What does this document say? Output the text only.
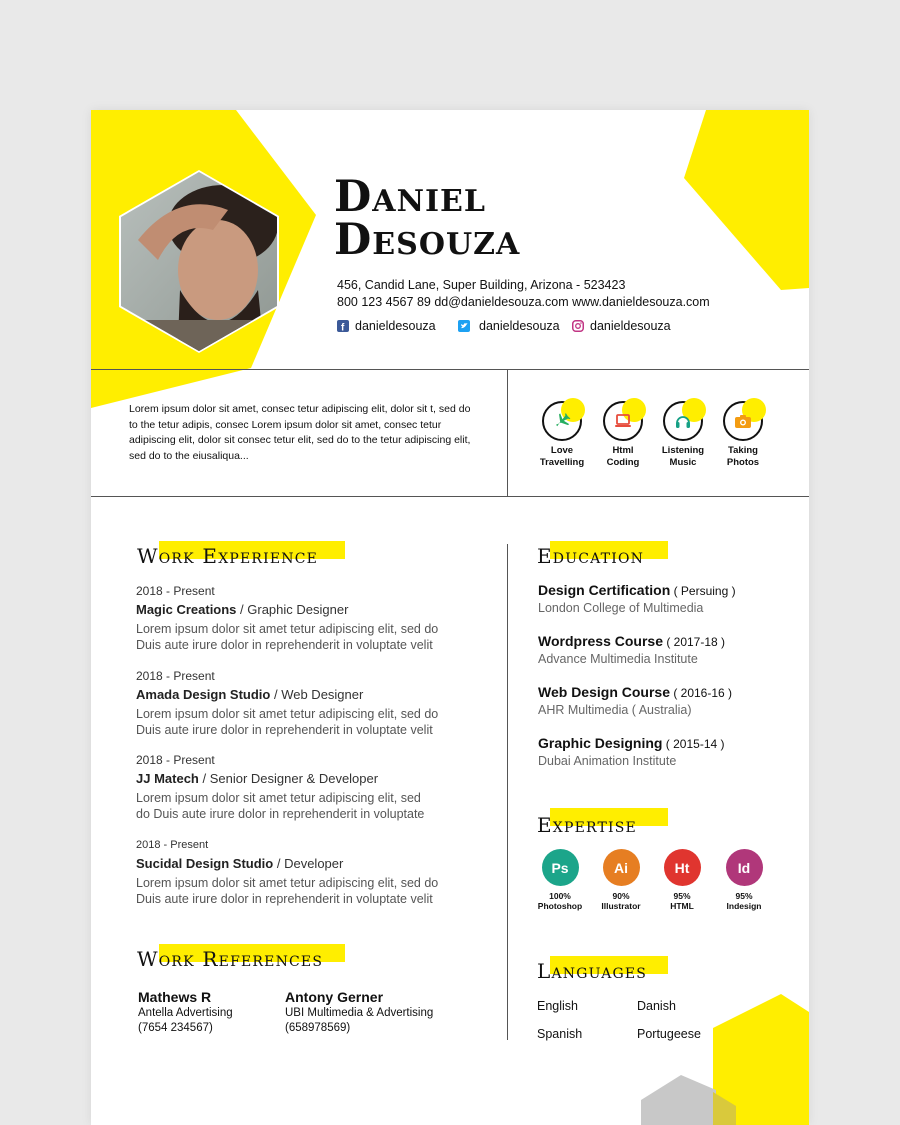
Daniel
Desouza
456, Candid Lane, Super Building, Arizona - 523423
800 123 4567 89 dd@danieldesouza.com www.danieldesouza.com
f danieldesouza	danieldesouza danieldesouza
Lorem ipsum dolor sit amet, consec tetur adipiscing elit, dolor sit t, sed do to the tetur adipis, consec Lorem ipsum dolor sit amet, consec tetur adipiscing elit, dolor sit consec tetur elit, sed do to the tetur adipiscing elit, sed do to the eiusaliqua...	Love
Travelling
Html
Coding
Listening
Music
Taking
Photos
Work Experience
2018 - Present
Magic Creations / Graphic Designer
Lorem ipsum dolor sit amet tetur adipiscing elit, sed do
Duis aute irure dolor in reprehenderit in voluptate velit
2018 - Present
Amada Design Studio / Web Designer
Lorem ipsum dolor sit amet tetur adipiscing elit, sed do
Duis aute irure dolor in reprehenderit in voluptate velit
2018 - Present
JJ Matech / Senior Designer & Developer
Lorem ipsum dolor sit amet tetur adipiscing elit, sed
do Duis aute irure dolor in reprehenderit in voluptate
2018 - Present
Sucidal Design Studio / Developer
Lorem ipsum dolor sit amet tetur adipiscing elit, sed do
Duis aute irure dolor in reprehenderit in voluptate velit
Work References
Mathews R
Antella Advertising
(7654 234567)
Antony Gerner
UBI Multimedia & Advertising
(658978569)
Education
Design Certification ( Persuing )
London College of Multimedia
Wordpress Course ( 2017-18 )
Advance Multimedia Institute
Web Design Course ( 2016-16 )
AHR Multimedia ( Australia)
Graphic Designing ( 2015-14 )
Dubai Animation Institute
Expertise
Ps
100%
Photoshop
Ai
90%
Illustrator
Ht
95%
HTML
Id
95%
Indesign
Languages
English	Danish
Spanish	Portugeese
